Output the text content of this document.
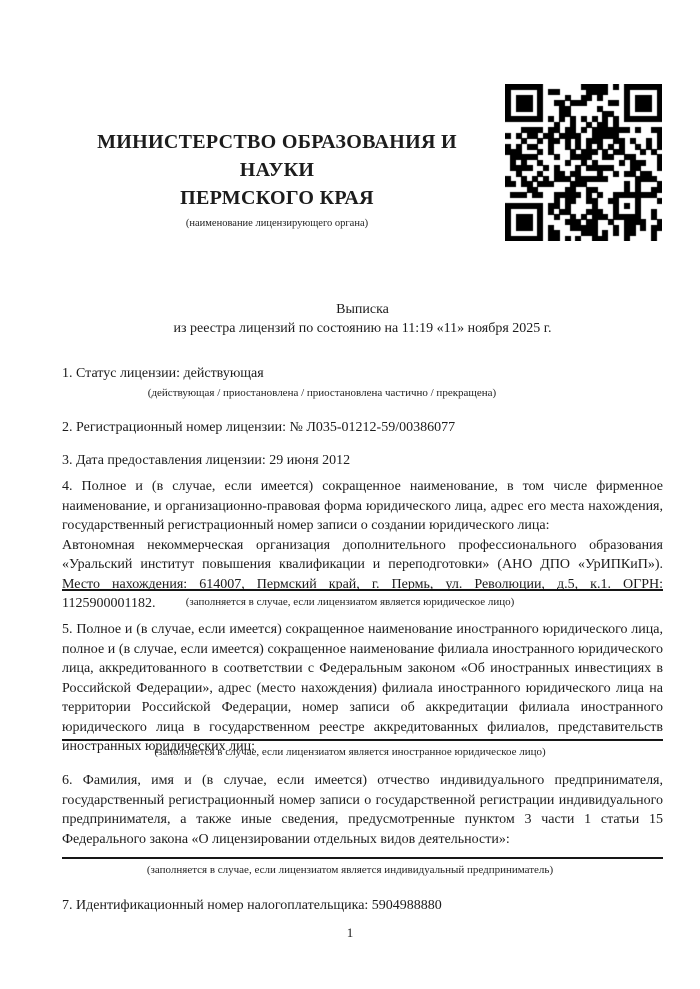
МИНИСТЕРСТВО ОБРАЗОВАНИЯ И НАУКИ
ПЕРМСКОГО КРАЯ
(наименование лицензирующего органа)
Выписка
из реестра лицензий по состоянию на 11:19 «11» ноября 2025 г.
1. Статус лицензии: действующая
(действующая / приостановлена / приостановлена частично / прекращена)
2. Регистрационный номер лицензии: № Л035-01212-59/00386077
3. Дата предоставления лицензии: 29 июня 2012
4. Полное и (в случае, если имеется) сокращенное наименование, в том числе фирменное наименование, и организационно-правовая форма юридического лица, адрес его места нахождения, государственный регистрационный номер записи о создании юридического лица:
Автономная некоммерческая организация дополнительного профессионального образования «Уральский институт повышения квалификации и переподготовки» (АНО ДПО «УрИПКиП»). Место нахождения: 614007, Пермский край, г. Пермь, ул. Революции, д.5, к.1. ОГРН: 1125900001182.	(заполняется в случае, если лицензиатом является юридическое лицо)
5. Полное и (в случае, если имеется) сокращенное наименование иностранного юридического лица, полное и (в случае, если имеется) сокращенное наименование филиала иностранного юридического лица, аккредитованного в соответствии с Федеральным законом «Об иностранных инвестициях в Российской Федерации», адрес (место нахождения) филиала иностранного юридического лица на территории Российской Федерации, номер записи об аккредитации филиала иностранного юридического лица в государственном реестре аккредитованных филиалов, представительств иностранных юридических лиц:
(заполняется в случае, если лицензиатом является иностранное юридическое лицо)
6. Фамилия, имя и (в случае, если имеется) отчество индивидуального предпринимателя, государственный регистрационный номер записи о государственной регистрации индивидуального предпринимателя, а также иные сведения, предусмотренные пунктом 3 части 1 статьи 15 Федерального закона «О лицензировании отдельных видов деятельности»:
(заполняется в случае, если лицензиатом является индивидуальный предприниматель)
7. Идентификационный номер налогоплательщика: 5904988880
1
